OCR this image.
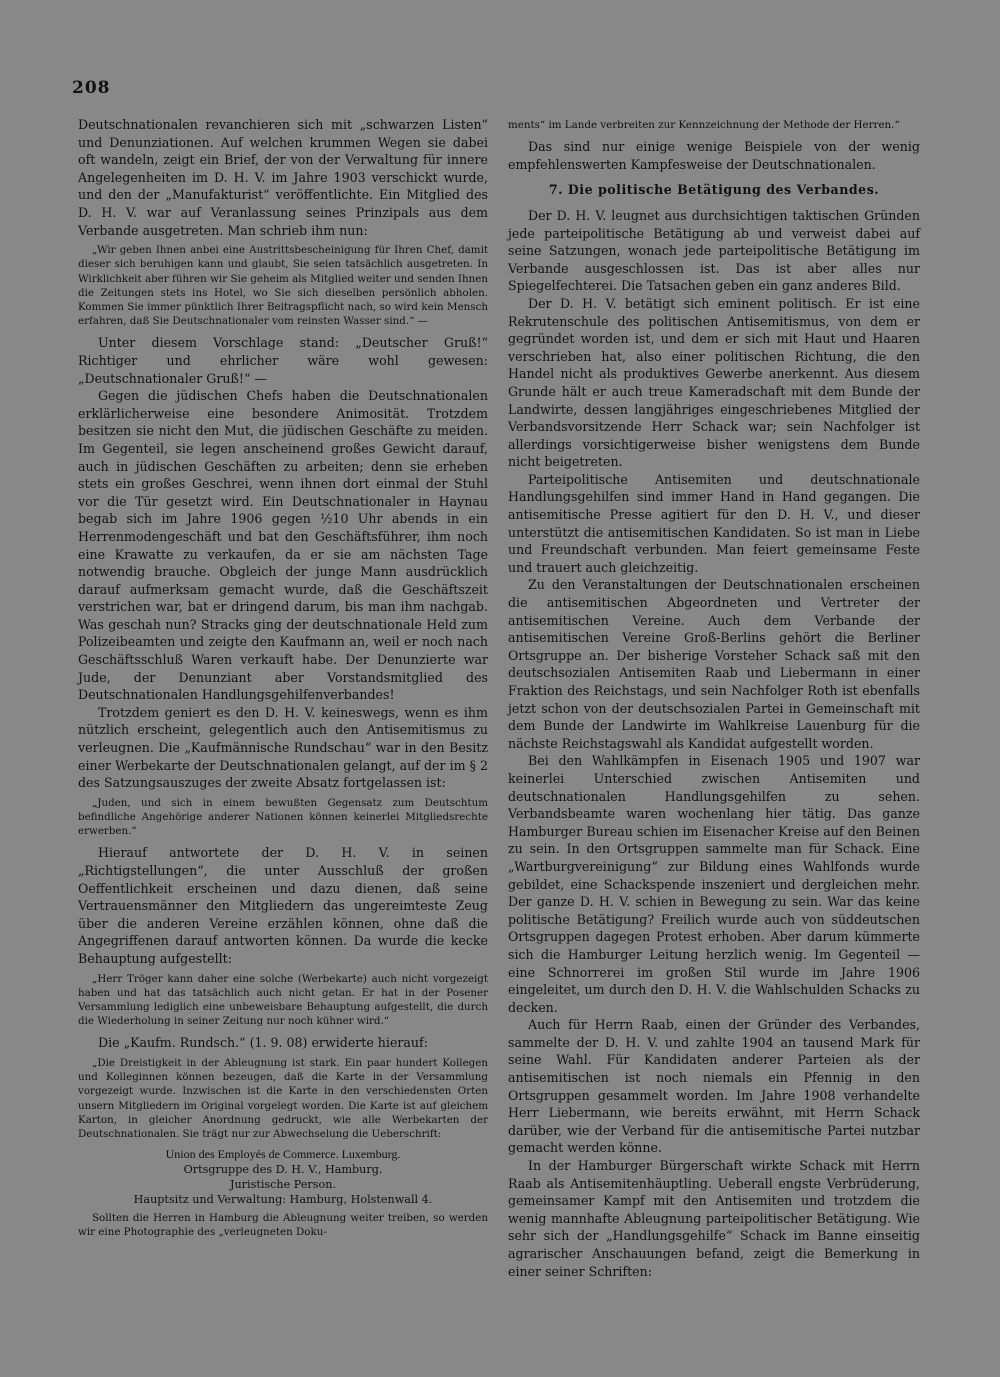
208

Deutschnationalen revanchieren sich mit „schwarzen Listen“ und Denunziationen. Auf welchen krummen Wegen sie dabei oft wandeln, zeigt ein Brief, der von der Verwaltung für innere Angelegenheiten im D. H. V. im Jahre 1903 verschickt wurde, und den der „Manufakturist“ veröffentlichte. Ein Mitglied des D. H. V. war auf Veranlassung seines Prinzipals aus dem Verbande ausgetreten. Man schrieb ihm nun:

„Wir geben Ihnen anbei eine Austrittsbescheinigung für Ihren Chef, damit dieser sich beruhigen kann und glaubt, Sie seien tatsächlich ausgetreten. In Wirklichkeit aber führen wir Sie geheim als Mitglied weiter und senden Ihnen die Zeitungen stets ins Hotel, wo Sie sich dieselben persönlich abholen. Kommen Sie immer pünktlich Ihrer Beitragspflicht nach, so wird kein Mensch erfahren, daß Sie Deutschnationaler vom reinsten Wasser sind.“ —

Unter diesem Vorschlage stand: „Deutscher Gruß!“ Richtiger und ehrlicher wäre wohl gewesen: „Deutschnationaler Gruß!“ —

Gegen die jüdischen Chefs haben die Deutschnationalen erklärlicherweise eine besondere Animosität. Trotzdem besitzen sie nicht den Mut, die jüdischen Geschäfte zu meiden. Im Gegenteil, sie legen anscheinend großes Gewicht darauf, auch in jüdischen Geschäften zu arbeiten; denn sie erheben stets ein großes Geschrei, wenn ihnen dort einmal der Stuhl vor die Tür gesetzt wird. Ein Deutschnationaler in Haynau begab sich im Jahre 1906 gegen ½10 Uhr abends in ein Herrenmodengeschäft und bat den Geschäftsführer, ihm noch eine Krawatte zu verkaufen, da er sie am nächsten Tage notwendig brauche. Obgleich der junge Mann ausdrücklich darauf aufmerksam gemacht wurde, daß die Geschäftszeit verstrichen war, bat er dringend darum, bis man ihm nachgab. Was geschah nun? Stracks ging der deutschnationale Held zum Polizeibeamten und zeigte den Kaufmann an, weil er noch nach Geschäftsschluß Waren verkauft habe. Der Denunzierte war Jude, der Denunziant aber Vorstandsmitglied des Deutschnationalen Handlungsgehilfenverbandes!

Trotzdem geniert es den D. H. V. keineswegs, wenn es ihm nützlich erscheint, gelegentlich auch den Antisemitismus zu verleugnen. Die „Kaufmännische Rundschau“ war in den Besitz einer Werbekarte der Deutschnationalen gelangt, auf der im § 2 des Satzungsauszuges der zweite Absatz fortgelassen ist:

„Juden, und sich in einem bewußten Gegensatz zum Deutschtum befindliche Angehörige anderer Nationen können keinerlei Mitgliedsrechte erwerben.“

Hierauf antwortete der D. H. V. in seinen „Richtigstellungen“, die unter Ausschluß der großen Oeffentlichkeit erscheinen und dazu dienen, daß seine Vertrauensmänner den Mitgliedern das ungereimteste Zeug über die anderen Vereine erzählen können, ohne daß die Angegriffenen darauf antworten können. Da wurde die kecke Behauptung aufgestellt:

„Herr Tröger kann daher eine solche (Werbekarte) auch nicht vorgezeigt haben und hat das tatsächlich auch nicht getan. Er hat in der Posener Versammlung lediglich eine unbeweisbare Behauptung aufgestellt, die durch die Wiederholung in seiner Zeitung nur noch kühner wird.“

Die „Kaufm. Rundsch.“ (1. 9. 08) erwiderte hierauf:

„Die Dreistigkeit in der Ableugnung ist stark. Ein paar hundert Kollegen und Kolleginnen können bezeugen, daß die Karte in der Versammlung vorgezeigt wurde. Inzwischen ist die Karte in den verschiedensten Orten unsern Mitgliedern im Original vorgelegt worden. Die Karte ist auf gleichem Karton, in gleicher Anordnung gedruckt, wie alle Werbekarten der Deutschnationalen. Sie trägt nur zur Abwechselung die Ueberschrift:

Union des Employés de Commerce. Luxemburg.
Ortsgruppe des D. H. V., Hamburg.
Juristische Person.
Hauptsitz und Verwaltung: Hamburg, Holstenwall 4.

Sollten die Herren in Hamburg die Ableugnung weiter treiben, so werden wir eine Photographie des „verleugneten Doku-

ments“ im Lande verbreiten zur Kennzeichnung der Methode der Herren.“

Das sind nur einige wenige Beispiele von der wenig empfehlenswerten Kampfesweise der Deutschnationalen.

7. Die politische Betätigung des Verbandes.

Der D. H. V. leugnet aus durchsichtigen taktischen Gründen jede parteipolitische Betätigung ab und verweist dabei auf seine Satzungen, wonach jede parteipolitische Betätigung im Verbande ausgeschlossen ist. Das ist aber alles nur Spiegelfechterei. Die Tatsachen geben ein ganz anderes Bild.

Der D. H. V. betätigt sich eminent politisch. Er ist eine Rekrutenschule des politischen Antisemitismus, von dem er gegründet worden ist, und dem er sich mit Haut und Haaren verschrieben hat, also einer politischen Richtung, die den Handel nicht als produktives Gewerbe anerkennt. Aus diesem Grunde hält er auch treue Kameradschaft mit dem Bunde der Landwirte, dessen langjähriges eingeschriebenes Mitglied der Verbandsvorsitzende Herr Schack war; sein Nachfolger ist allerdings vorsichtigerweise bisher wenigstens dem Bunde nicht beigetreten.

Parteipolitische Antisemiten und deutschnationale Handlungsgehilfen sind immer Hand in Hand gegangen. Die antisemitische Presse agitiert für den D. H. V., und dieser unterstützt die antisemitischen Kandidaten. So ist man in Liebe und Freundschaft verbunden. Man feiert gemeinsame Feste und trauert auch gleichzeitig.

Zu den Veranstaltungen der Deutschnationalen erscheinen die antisemitischen Abgeordneten und Vertreter der antisemitischen Vereine. Auch dem Verbande der antisemitischen Vereine Groß-Berlins gehört die Berliner Ortsgruppe an. Der bisherige Vorsteher Schack saß mit den deutschsozialen Antisemiten Raab und Liebermann in einer Fraktion des Reichstags, und sein Nachfolger Roth ist ebenfalls jetzt schon von der deutschsozialen Partei in Gemeinschaft mit dem Bunde der Landwirte im Wahlkreise Lauenburg für die nächste Reichstagswahl als Kandidat aufgestellt worden.

Bei den Wahlkämpfen in Eisenach 1905 und 1907 war keinerlei Unterschied zwischen Antisemiten und deutschnationalen Handlungsgehilfen zu sehen. Verbandsbeamte waren wochenlang hier tätig. Das ganze Hamburger Bureau schien im Eisenacher Kreise auf den Beinen zu sein. In den Ortsgruppen sammelte man für Schack. Eine „Wartburgvereinigung“ zur Bildung eines Wahlfonds wurde gebildet, eine Schackspende inszeniert und dergleichen mehr. Der ganze D. H. V. schien in Bewegung zu sein. War das keine politische Betätigung? Freilich wurde auch von süddeutschen Ortsgruppen dagegen Protest erhoben. Aber darum kümmerte sich die Hamburger Leitung herzlich wenig. Im Gegenteil — eine Schnorrerei im großen Stil wurde im Jahre 1906 eingeleitet, um durch den D. H. V. die Wahlschulden Schacks zu decken.

Auch für Herrn Raab, einen der Gründer des Verbandes, sammelte der D. H. V. und zahlte 1904 an tausend Mark für seine Wahl. Für Kandidaten anderer Parteien als der antisemitischen ist noch niemals ein Pfennig in den Ortsgruppen gesammelt worden. Im Jahre 1908 verhandelte Herr Liebermann, wie bereits erwähnt, mit Herrn Schack darüber, wie der Verband für die antisemitische Partei nutzbar gemacht werden könne.

In der Hamburger Bürgerschaft wirkte Schack mit Herrn Raab als Antisemitenhäuptling. Ueberall engste Verbrüderung, gemeinsamer Kampf mit den Antisemiten und trotzdem die wenig mannhafte Ableugnung parteipolitischer Betätigung. Wie sehr sich der „Handlungsgehilfe“ Schack im Banne einseitig agrarischer Anschauungen befand, zeigt die Bemerkung in einer seiner Schriften:
